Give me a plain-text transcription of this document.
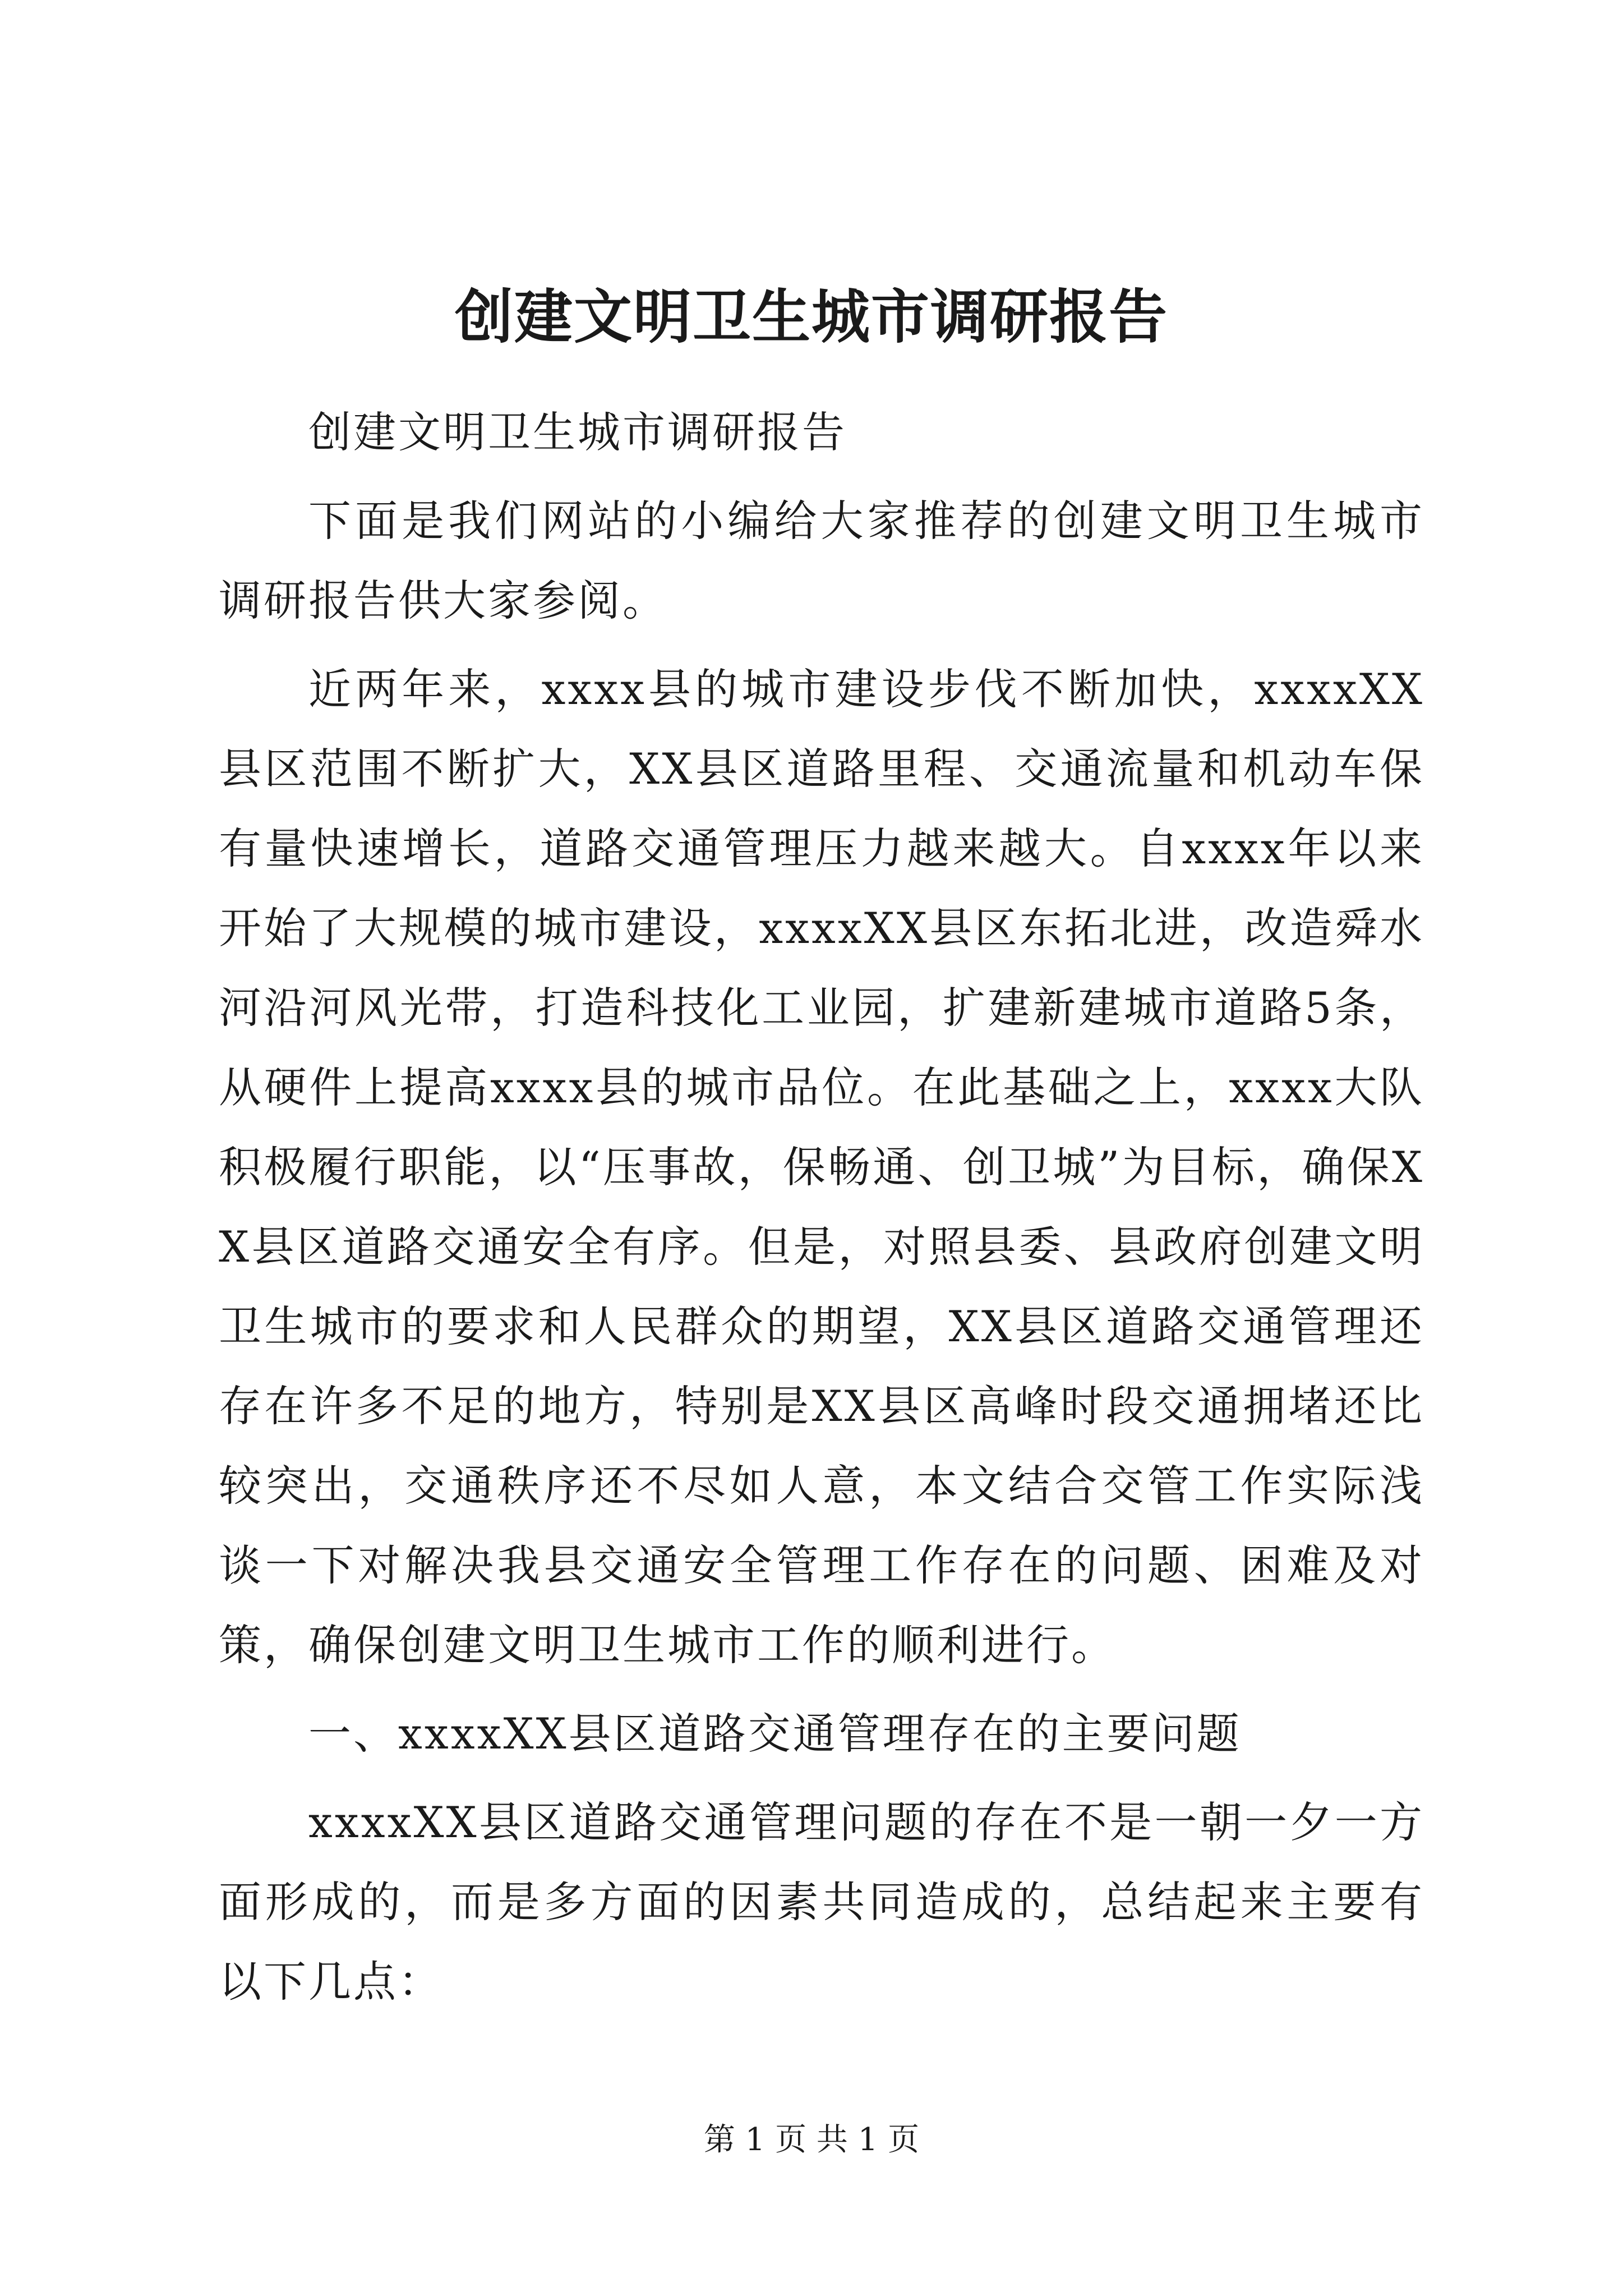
创建文明卫生城市调研报告

创建文明卫生城市调研报告

下面是我们网站的小编给大家推荐的创建文明卫生城市调研报告供大家参阅。

近两年来，xxxx县的城市建设步伐不断加快，xxxxXX县区范围不断扩大，XX县区道路里程、交通流量和机动车保有量快速增长，道路交通管理压力越来越大。自xxxx年以来开始了大规模的城市建设，xxxxXX县区东拓北进，改造舜水河沿河风光带，打造科技化工业园，扩建新建城市道路5条，从硬件上提高xxxx县的城市品位。在此基础之上，xxxx大队积极履行职能，以“压事故，保畅通、创卫城”为目标，确保XX县区道路交通安全有序。但是，对照县委、县政府创建文明卫生城市的要求和人民群众的期望，XX县区道路交通管理还存在许多不足的地方，特别是XX县区高峰时段交通拥堵还比较突出，交通秩序还不尽如人意，本文结合交管工作实际浅谈一下对解决我县交通安全管理工作存在的问题、困难及对策，确保创建文明卫生城市工作的顺利进行。

一、xxxxXX县区道路交通管理存在的主要问题

xxxxXX县区道路交通管理问题的存在不是一朝一夕一方面形成的，而是多方面的因素共同造成的，总结起来主要有以下几点：

第 1 页 共 1 页
